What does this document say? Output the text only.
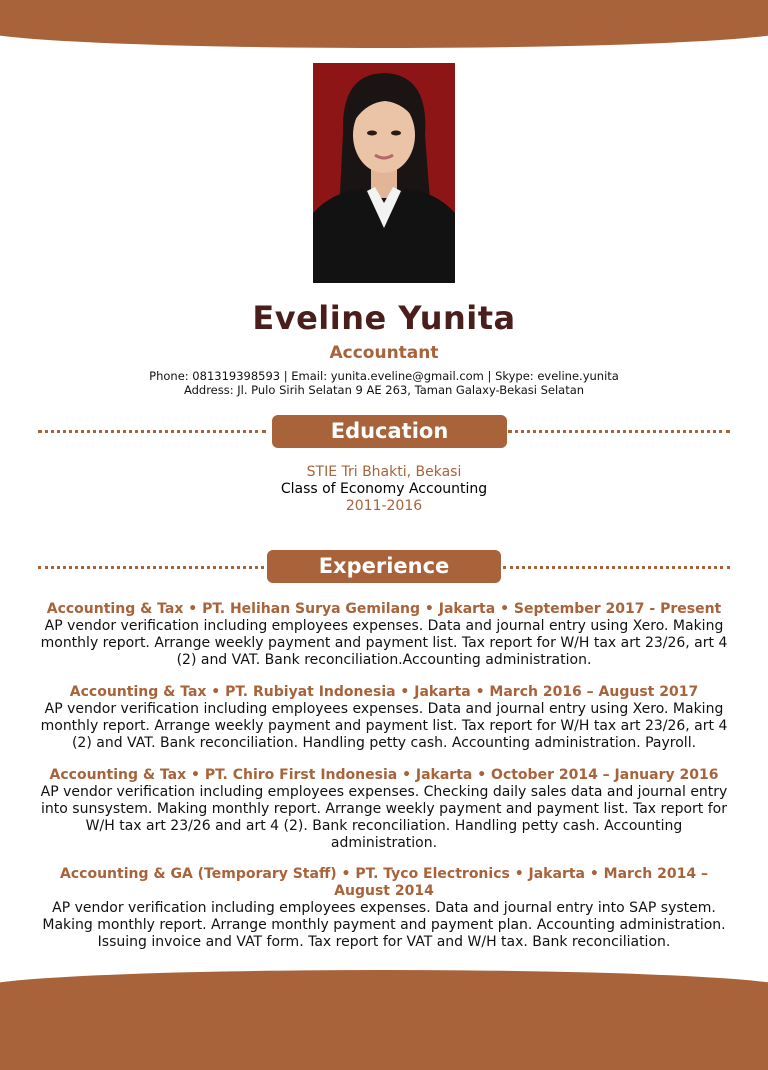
Eveline Yunita
Accountant
Phone: 081319398593 | Email: yunita.eveline@gmail.com | Skype: eveline.yunita
Address: Jl. Pulo Sirih Selatan 9 AE 263, Taman Galaxy-Bekasi Selatan
Education
STIE Tri Bhakti, Bekasi
Class of Economy Accounting
2011-2016
Experience
Accounting & Tax • PT. Helihan Surya Gemilang • Jakarta • September 2017 - Present
AP vendor verification including employees expenses. Data and journal entry using Xero. Making monthly report. Arrange weekly payment and payment list. Tax report for W/H tax art 23/26, art 4 (2) and VAT. Bank reconciliation.Accounting administration.
Accounting & Tax • PT. Rubiyat Indonesia • Jakarta • March 2016 – August 2017
AP vendor verification including employees expenses. Data and journal entry using Xero. Making monthly report. Arrange weekly payment and payment list. Tax report for W/H tax art 23/26, art 4 (2) and VAT. Bank reconciliation. Handling petty cash. Accounting administration. Payroll.
Accounting & Tax • PT. Chiro First Indonesia • Jakarta • October 2014 – January 2016
AP vendor verification including employees expenses. Checking daily sales data and journal entry into sunsystem. Making monthly report. Arrange weekly payment and payment list. Tax report for W/H tax art 23/26 and art 4 (2). Bank reconciliation. Handling petty cash. Accounting administration.
Accounting & GA (Temporary Staff) • PT. Tyco Electronics • Jakarta • March 2014 – August 2014
AP vendor verification including employees expenses. Data and journal entry into SAP system. Making monthly report. Arrange monthly payment and payment plan. Accounting administration. Issuing invoice and VAT form. Tax report for VAT and W/H tax. Bank reconciliation.
